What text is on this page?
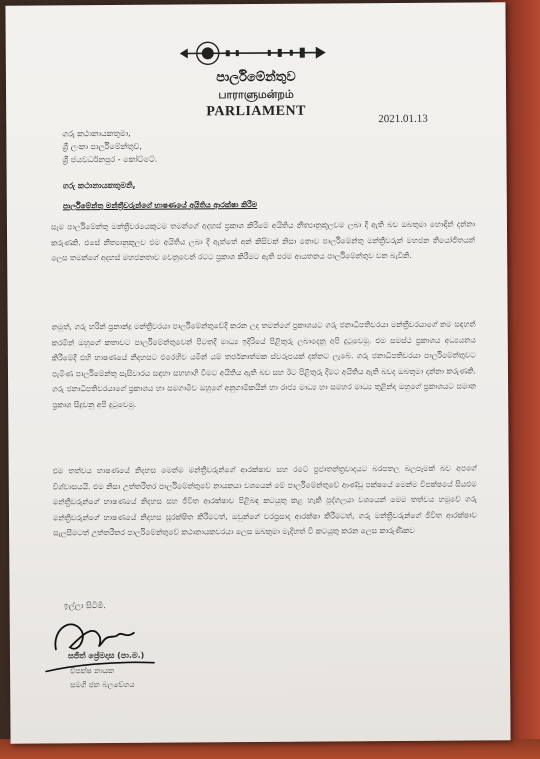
පාර්ලිමේන්තුව
பாராளுமன்றம்
PARLIAMENT	2021.01.13
ගරු කථානායකතුමා,
ශ්‍රී ලංකා පාර්ලිමේන්තුව,
ශ්‍රී ජයවර්ධනපුර - කෝට්ටේ.
ගරු කථානායකතුමනි,
පාර්ලිමේන්තු මන්ත්‍රීවරුන්ගේ භාෂණයේ අයිතිය ආරක්ෂා කිරීම
සෑම පාර්ලිමේන්තු මන්ත්‍රීවරයෙකුටම තමන්ගේ අදහස් ප්‍රකාශ කිරීමේ අයිතිය නීත්‍යානුකූලවම ලබා දී ඇති බව ඔබතුමා හොඳින් දන්නා කරුණකි. එසේ නීත්‍යානුකූලව එම අයිතිය ලබා දී ඇත්තේ අන් කිසිවක් නිසා නොව පාර්ලිමේන්තු මන්ත්‍රීවරුන් මහජන නියෝජිතයන් ලෙස තමන්ගේ අදහස් මහජනතාව වෙනුවෙන් රටට ප්‍රකාශ කිරීමට ඇති පරම ආයතනය පාර්ලිමේන්තුව වන බැවිනි.
නමුත්, ගරු හරින් ප්‍රනාන්දු මන්ත්‍රීවරයා පාර්ලිමේන්තුවේදී කරන ලද තමන්ගේ ප්‍රකාශයට ගරු ජනාධිපතිවරයා මන්ත්‍රීවරයාගේ නම සඳහන් කරමින් ඔහුගේ කතාවට පාර්ලිමේන්තුවෙන් පිටතදී මාධ්‍ය ඉදිරියේ පිළිතුරු ලබාදෙනු අපි දුටුවෙමු. එම සමස්ථ ප්‍රකාශය අධ්‍යයනය කිරීමේදී එහි භාෂණයේ නිදහසට එරෙහිව යමින් යම් තර්ජනාත්මක ස්වරූපයක් දක්නට ලැබේ. ගරු ජනාධිපතිවරයා පාර්ලිමේන්තුවට පැමිණ පාර්ලිමේන්තු සැසිවාරය සඳහා සහභාගි වීමට අයිතිය ඇති බව සහ ඊට පිළිතුරු දීමට අයිතිය ඇති බවද ඔබතුමා දන්නා කරුණකි. ගරු ජනාධිපතිවරයාගේ ප්‍රකාශය හා සමගාමීව ඔහුගේ අනුගාමිකයින් හා රාජ්‍ය මාධ්‍ය හා සමහර මාධ්‍ය තුළින්ද ඔහුගේ ප්‍රකාශයට සමාන ප්‍රකාශ සිදුවනු අපි දුටුවෙමු.
එම තත්වය භාෂණයේ නිදහස මෙන්ම මන්ත්‍රීවරුන්ගේ ආරක්ෂාව සහ රටේ ප්‍රජාතන්ත්‍රවාදයට බරපතල බලපෑමක් බව අපගේ විශ්වාසයයි. එම නිසා උත්තරීතර පාර්ලිමේන්තුවේ නායකයා වශයෙන් මේ පාර්ලිමේන්තුවේ ආණ්ඩු පක්ෂයේ මෙන්ම විපක්ෂයේ සියළුම මන්ත්‍රීවරුන්ගේ භාෂණයේ නිදහස සහ ජීවිත ආරක්ෂාව පිළිබඳ කටයුතු කළ හැකි පුද්ගලයා වශයෙන් මෙම තත්වය හමුවේ ගරු මන්ත්‍රීවරුන්ගේ භාෂණයේ නිදහස සුරක්ෂිත කිරීමටත්, ඔවුන්ගේ වරප්‍රසාද ආරක්ෂා කිරීමටත්, ගරු මන්ත්‍රීවරුන්ගේ ජීවිත ආරක්ෂාව සැලසීමටත් උත්තරීතර පාර්ලිමේන්තුවේ කථානායකවරයා ලෙස ඔබතුමා මැදිහත් වී කටයුතු කරන ලෙස කාරුණිකව
ඉල්ලා සිටිමි.
සජිත් ප්‍රේමදාස (පා.ම.)
විපක්ෂ නායක
සමගි ජන බලවේගය
